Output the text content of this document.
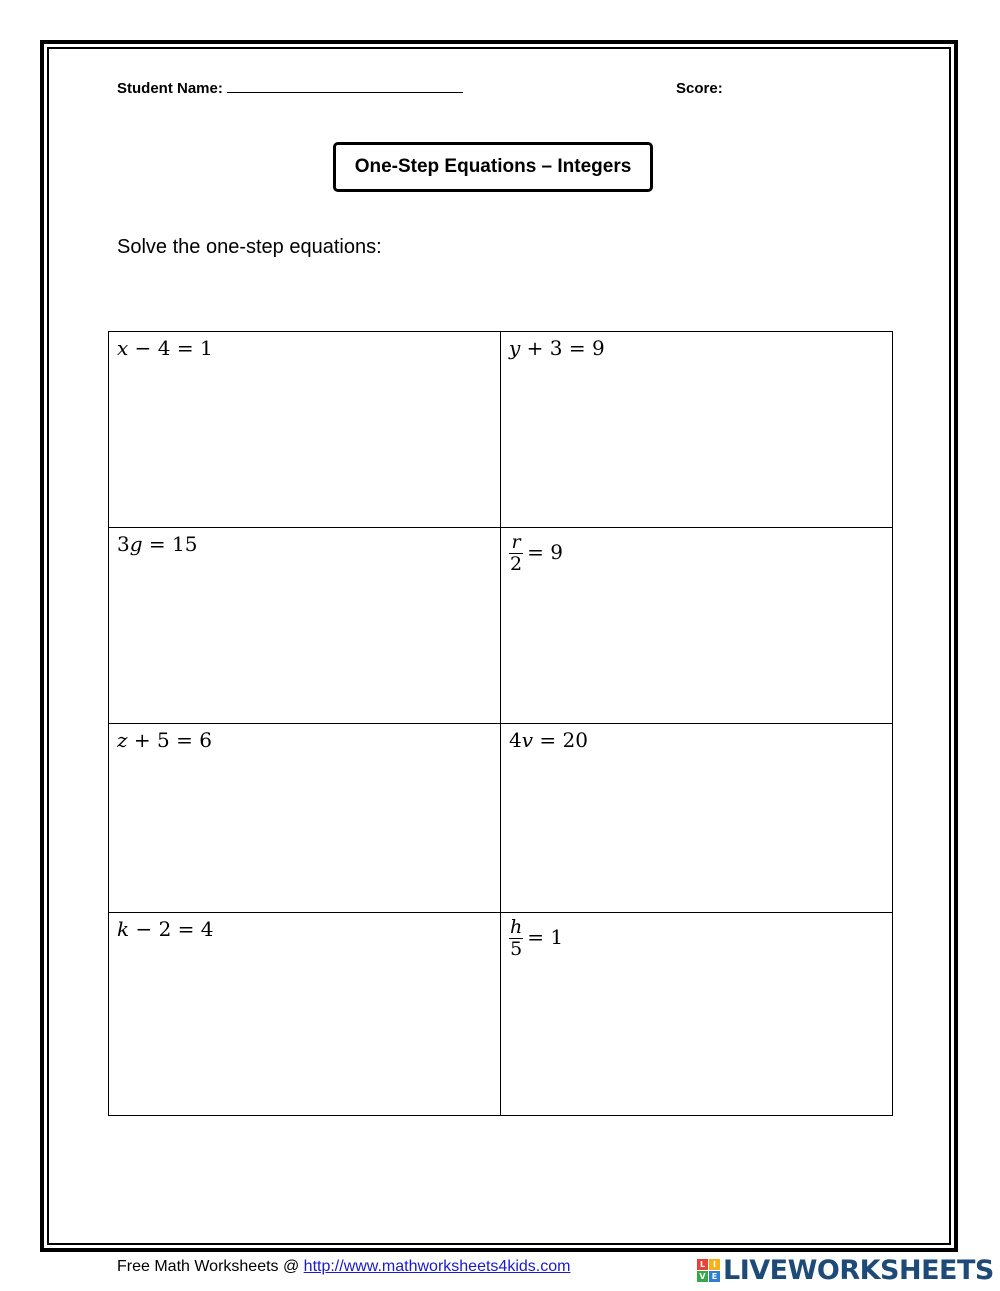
Student Name:	Score:
One-Step Equations – Integers
Solve the one-step equations:
x − 4 = 1	y + 3 = 9
3g = 15	$\frac{r}{2} = 9$
z + 5 = 6	4v = 20
k − 2 = 4	$\frac{h}{5} = 1$
Free Math Worksheets @ http://www.mathworksheets4kids.com	L I
V E LIVEWORKSHEETS
